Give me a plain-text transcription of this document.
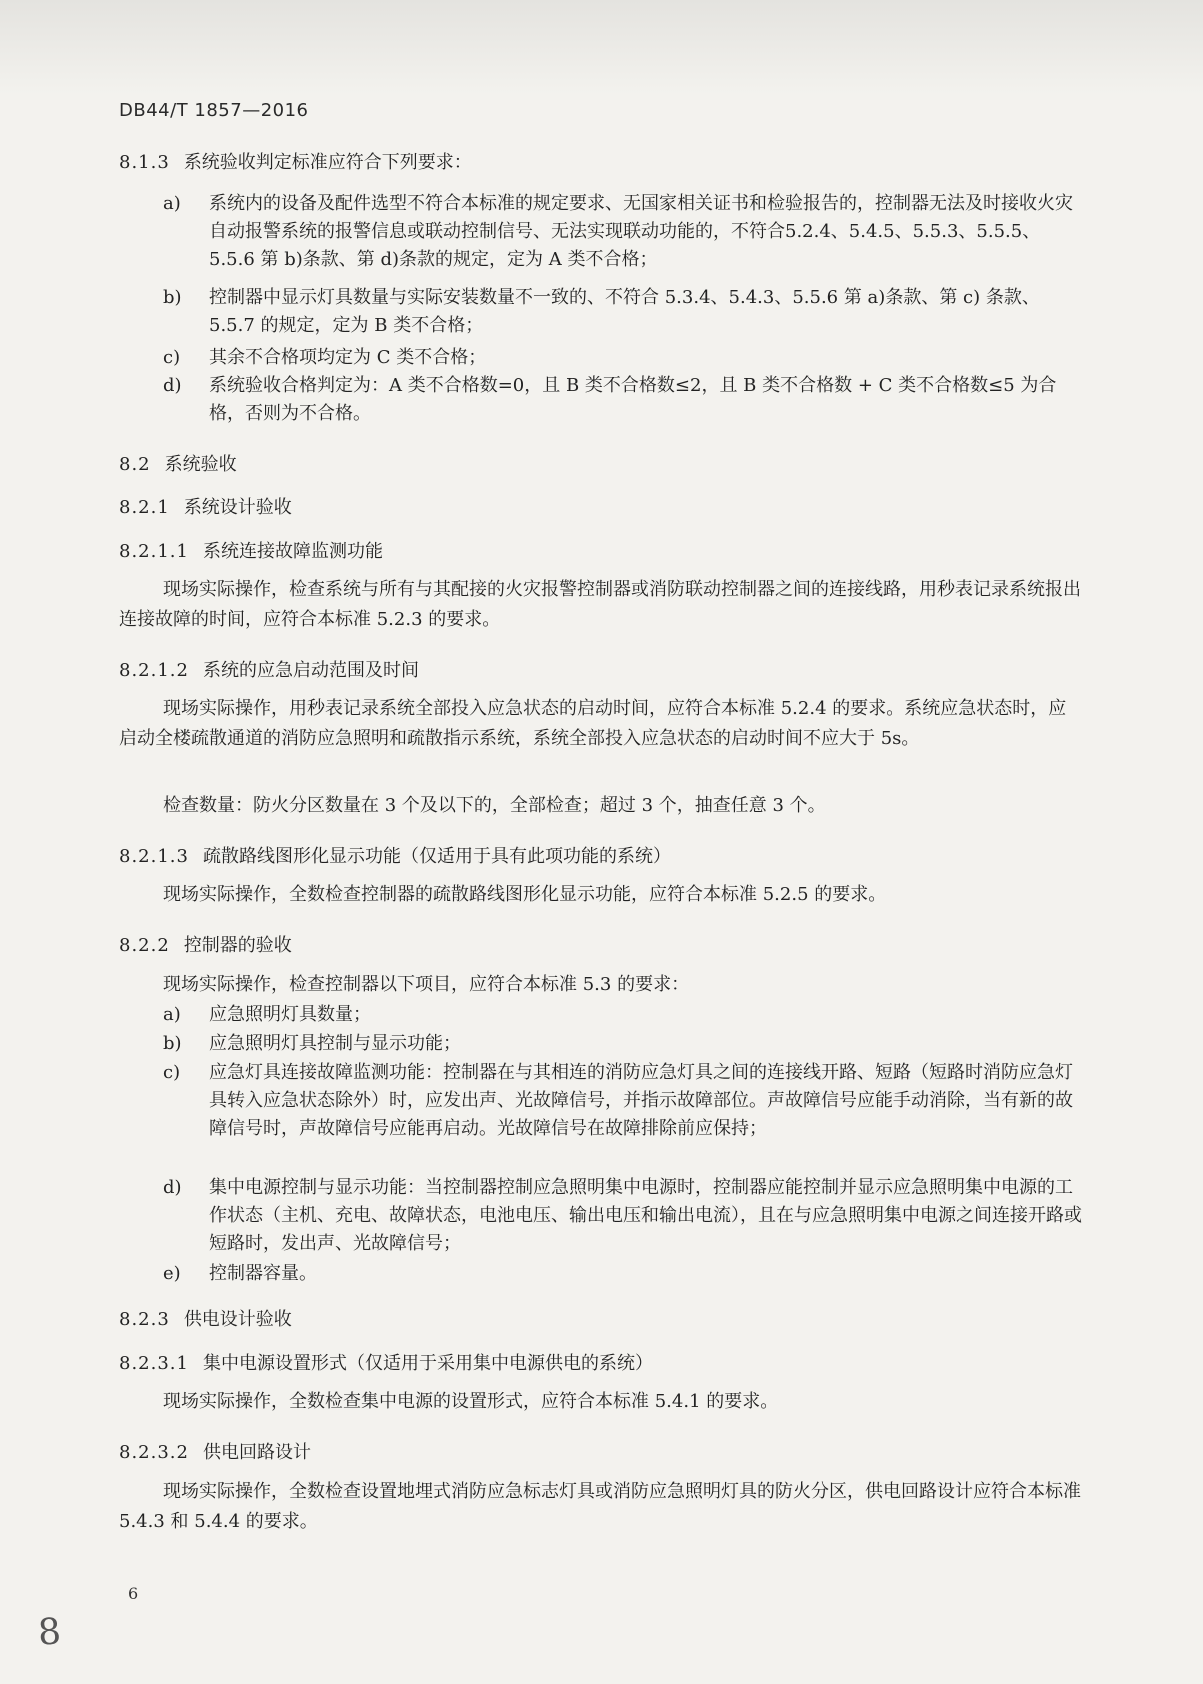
DB44/T 1857—2016
8.1.3 系统验收判定标准应符合下列要求：
a) 系统内的设备及配件选型不符合本标准的规定要求、无国家相关证书和检验报告的，控制器无法及时接收火灾自动报警系统的报警信息或联动控制信号、无法实现联动功能的，不符合5.2.4、5.4.5、5.5.3、5.5.5、5.5.6 第 b)条款、第 d)条款的规定，定为 A 类不合格；
b) 控制器中显示灯具数量与实际安装数量不一致的、不符合 5.3.4、5.4.3、5.5.6 第 a)条款、第 c) 条款、5.5.7 的规定，定为 B 类不合格；
c) 其余不合格项均定为 C 类不合格；
d) 系统验收合格判定为：A 类不合格数=0，且 B 类不合格数≤2，且 B 类不合格数 + C 类不合格数≤5 为合格，否则为不合格。
8.2 系统验收
8.2.1 系统设计验收
8.2.1.1 系统连接故障监测功能
现场实际操作，检查系统与所有与其配接的火灾报警控制器或消防联动控制器之间的连接线路，用秒表记录系统报出连接故障的时间，应符合本标准 5.2.3 的要求。
8.2.1.2 系统的应急启动范围及时间
现场实际操作，用秒表记录系统全部投入应急状态的启动时间，应符合本标准 5.2.4 的要求。系统应急状态时，应启动全楼疏散通道的消防应急照明和疏散指示系统，系统全部投入应急状态的启动时间不应大于 5s。
检查数量：防火分区数量在 3 个及以下的，全部检查；超过 3 个，抽查任意 3 个。
8.2.1.3 疏散路线图形化显示功能（仅适用于具有此项功能的系统）
现场实际操作，全数检查控制器的疏散路线图形化显示功能，应符合本标准 5.2.5 的要求。
8.2.2 控制器的验收
现场实际操作，检查控制器以下项目，应符合本标准 5.3 的要求：
a) 应急照明灯具数量；
b) 应急照明灯具控制与显示功能；
c) 应急灯具连接故障监测功能：控制器在与其相连的消防应急灯具之间的连接线开路、短路（短路时消防应急灯具转入应急状态除外）时，应发出声、光故障信号，并指示故障部位。声故障信号应能手动消除，当有新的故障信号时，声故障信号应能再启动。光故障信号在故障排除前应保持；
d) 集中电源控制与显示功能：当控制器控制应急照明集中电源时，控制器应能控制并显示应急照明集中电源的工作状态（主机、充电、故障状态，电池电压、输出电压和输出电流），且在与应急照明集中电源之间连接开路或短路时，发出声、光故障信号；
e) 控制器容量。
8.2.3 供电设计验收
8.2.3.1 集中电源设置形式（仅适用于采用集中电源供电的系统）
现场实际操作，全数检查集中电源的设置形式，应符合本标准 5.4.1 的要求。
8.2.3.2 供电回路设计
现场实际操作，全数检查设置地埋式消防应急标志灯具或消防应急照明灯具的防火分区，供电回路设计应符合本标准 5.4.3 和 5.4.4 的要求。
6
8
